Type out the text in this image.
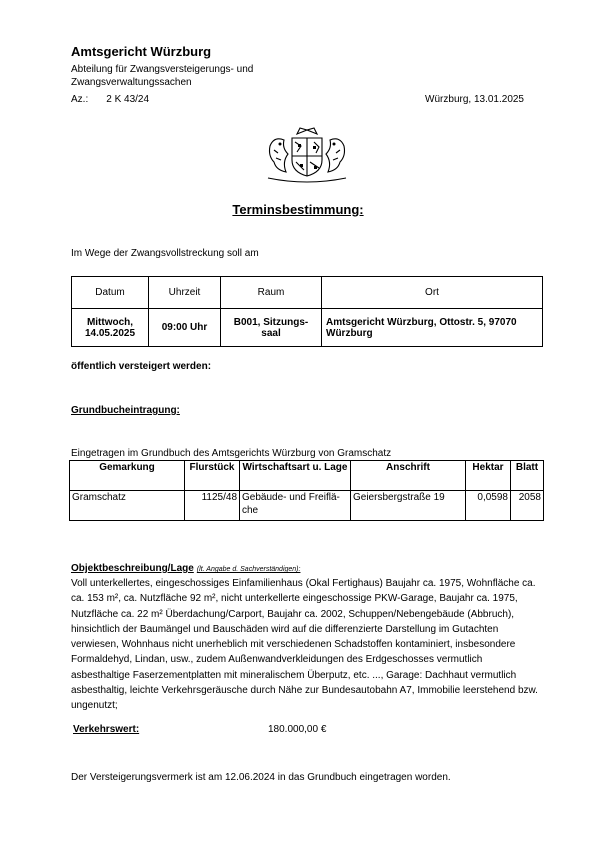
Amtsgericht Würzburg
Abteilung für Zwangsversteigerungs- und Zwangsverwaltungssachen
Az.: 2 K 43/24	Würzburg, 13.01.2025
Terminsbestimmung:
Im Wege der Zwangsvollstreckung soll am
Datum	Uhrzeit	Raum	Ort
Mittwoch, 14.05.2025	09:00 Uhr	B001, Sitzungs-saal	Amtsgericht Würzburg, Ottostr. 5, 97070 Würzburg
öffentlich versteigert werden:
Grundbucheintragung:
Eingetragen im Grundbuch des Amtsgerichts Würzburg von Gramschatz
Gemarkung	Flurstück	Wirtschaftsart u. Lage	Anschrift	Hektar	Blatt
Gramschatz	1125/48	Gebäude- und Freiflä-che	Geiersbergstraße 19	0,0598	2058
Objektbeschreibung/Lage (lt. Angabe d. Sachverständigen):
Voll unterkellertes, eingeschossiges Einfamilienhaus (Okal Fertighaus) Baujahr ca. 1975, Wohnfläche ca. ca. 153 m², ca. Nutzfläche 92 m², nicht unterkellerte eingeschossige PKW-Garage, Baujahr ca. 1975, Nutzfläche ca. 22 m² Überdachung/Carport, Baujahr ca. 2002, Schuppen/Nebengebäude (Abbruch), hinsichtlich der Baumängel und Bauschäden wird auf die differenzierte Darstellung im Gutachten verwiesen, Wohnhaus nicht unerheblich mit verschiedenen Schadstoffen kontaminiert, insbesondere Formaldehyd, Lindan, usw., zudem Außenwandverkleidungen des Erdgeschosses vermutlich asbesthaltige Faserzementplatten mit mineralischem Überputz, etc. ..., Garage: Dachhaut vermutlich asbesthaltig, leichte Verkehrsgeräusche durch Nähe zur Bundesautobahn A7, Immobilie leerstehend bzw. ungenutzt;
Verkehrswert:	180.000,00 €
Der Versteigerungsvermerk ist am 12.06.2024 in das Grundbuch eingetragen worden.
